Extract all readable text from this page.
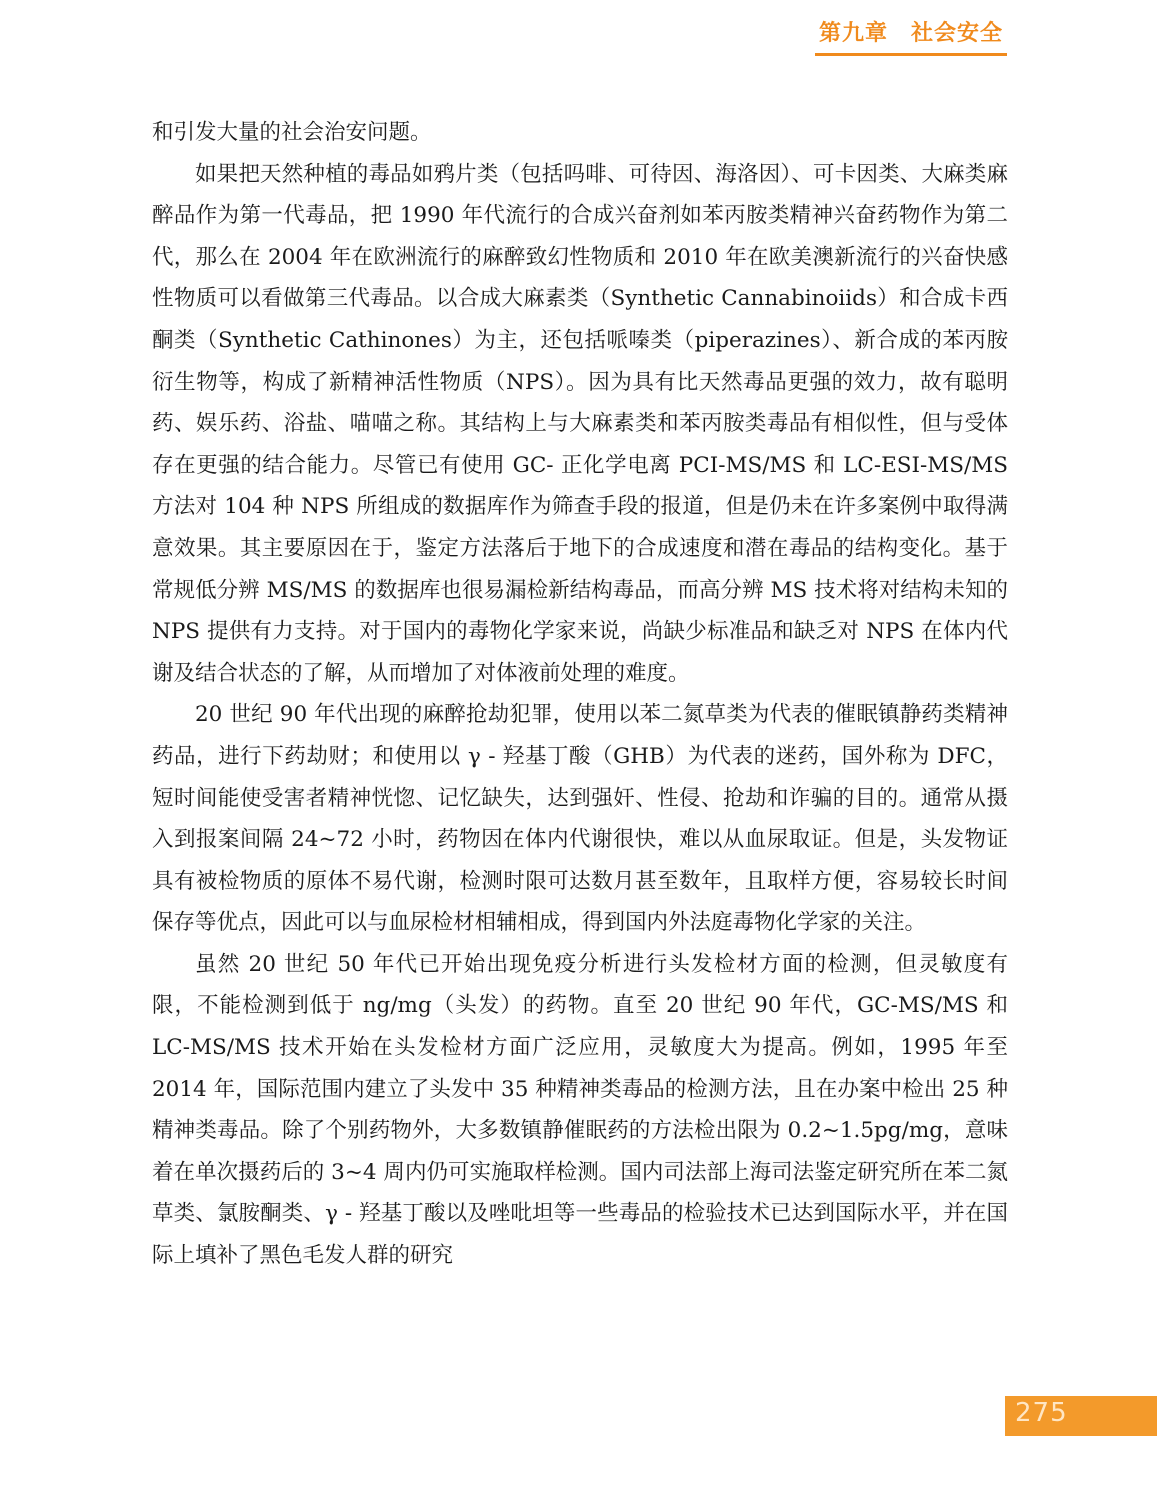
第九章　社会安全

和引发大量的社会治安问题。

如果把天然种植的毒品如鸦片类（包括吗啡、可待因、海洛因）、可卡因类、大麻类麻醉品作为第一代毒品，把 1990 年代流行的合成兴奋剂如苯丙胺类精神兴奋药物作为第二代，那么在 2004 年在欧洲流行的麻醉致幻性物质和 2010 年在欧美澳新流行的兴奋快感性物质可以看做第三代毒品。以合成大麻素类（Synthetic Cannabinoiids）和合成卡西酮类（Synthetic Cathinones）为主，还包括哌嗪类（piperazines）、新合成的苯丙胺衍生物等，构成了新精神活性物质（NPS）。因为具有比天然毒品更强的效力，故有聪明药、娱乐药、浴盐、喵喵之称。其结构上与大麻素类和苯丙胺类毒品有相似性，但与受体存在更强的结合能力。尽管已有使用 GC- 正化学电离 PCI-MS/MS 和 LC-ESI-MS/MS 方法对 104 种 NPS 所组成的数据库作为筛查手段的报道，但是仍未在许多案例中取得满意效果。其主要原因在于，鉴定方法落后于地下的合成速度和潜在毒品的结构变化。基于常规低分辨 MS/MS 的数据库也很易漏检新结构毒品，而高分辨 MS 技术将对结构未知的 NPS 提供有力支持。对于国内的毒物化学家来说，尚缺少标准品和缺乏对 NPS 在体内代谢及结合状态的了解，从而增加了对体液前处理的难度。

20 世纪 90 年代出现的麻醉抢劫犯罪，使用以苯二氮草类为代表的催眠镇静药类精神药品，进行下药劫财；和使用以 γ - 羟基丁酸（GHB）为代表的迷药，国外称为 DFC，短时间能使受害者精神恍惚、记忆缺失，达到强奸、性侵、抢劫和诈骗的目的。通常从摄入到报案间隔 24~72 小时，药物因在体内代谢很快，难以从血尿取证。但是，头发物证具有被检物质的原体不易代谢，检测时限可达数月甚至数年，且取样方便，容易较长时间保存等优点，因此可以与血尿检材相辅相成，得到国内外法庭毒物化学家的关注。

虽然 20 世纪 50 年代已开始出现免疫分析进行头发检材方面的检测，但灵敏度有限，不能检测到低于 ng/mg（头发）的药物。直至 20 世纪 90 年代，GC-MS/MS 和 LC-MS/MS 技术开始在头发检材方面广泛应用，灵敏度大为提高。例如，1995 年至 2014 年，国际范围内建立了头发中 35 种精神类毒品的检测方法，且在办案中检出 25 种精神类毒品。除了个别药物外，大多数镇静催眠药的方法检出限为 0.2~1.5pg/mg，意味着在单次摄药后的 3~4 周内仍可实施取样检测。国内司法部上海司法鉴定研究所在苯二氮草类、氯胺酮类、γ - 羟基丁酸以及唑吡坦等一些毒品的检验技术已达到国际水平，并在国际上填补了黑色毛发人群的研究

275
